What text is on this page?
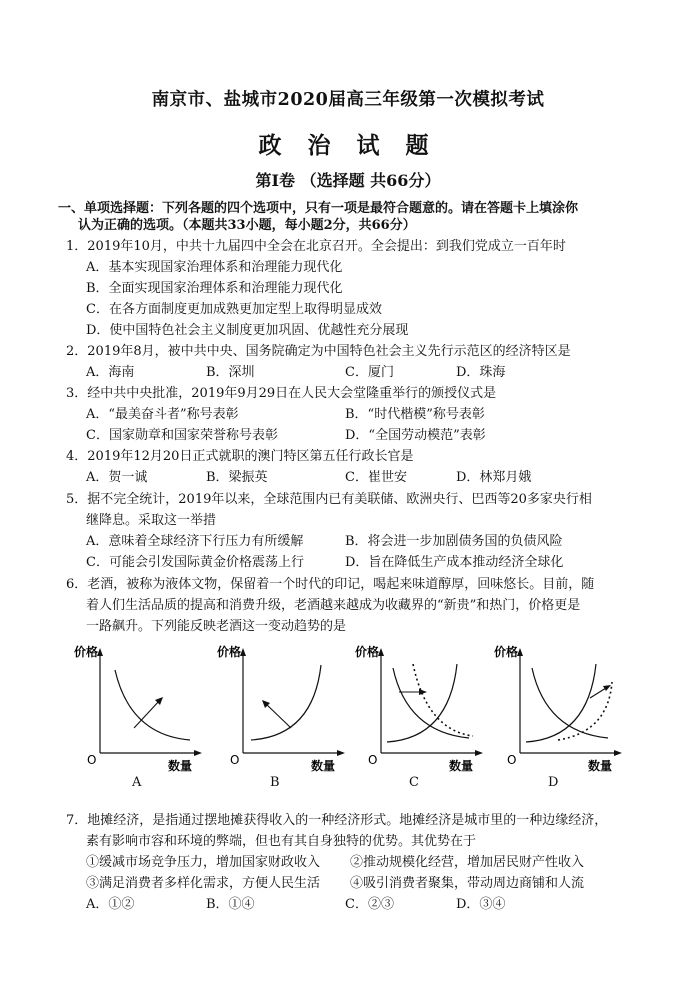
南京市、盐城市2020届高三年级第一次模拟考试
政 治 试 题
第Ⅰ卷 （选择题 共66分）
一、单项选择题：下列各题的四个选项中，只有一项是最符合题意的。请在答题卡上填涂你
认为正确的选项。（本题共33小题，每小题2分，共66分）
1．2019年10月，中共十九届四中全会在北京召开。全会提出：到我们党成立一百年时
A．基本实现国家治理体系和治理能力现代化
B．全面实现国家治理体系和治理能力现代化
C．在各方面制度更加成熟更加定型上取得明显成效
D．使中国特色社会主义制度更加巩固、优越性充分展现
2．2019年8月，被中共中央、国务院确定为中国特色社会主义先行示范区的经济特区是
A．海南	B．深圳	C．厦门	D．珠海
3．经中共中央批准，2019年9月29日在人民大会堂隆重举行的颁授仪式是
A．“最美奋斗者”称号表彰	B．“时代楷模”称号表彰
C．国家勋章和国家荣誉称号表彰	D．“全国劳动模范”表彰
4．2019年12月20日正式就职的澳门特区第五任行政长官是
A．贺一诚	B．梁振英	C．崔世安	D．林郑月娥
5．据不完全统计，2019年以来，全球范围内已有美联储、欧洲央行、巴西等20多家央行相
继降息。采取这一举措
A．意味着全球经济下行压力有所缓解	B．将会进一步加剧债务国的负债风险
C．可能会引发国际黄金价格震荡上行	D．旨在降低生产成本推动经济全球化
6．老酒，被称为液体文物，保留着一个时代的印记，喝起来味道醇厚，回味悠长。目前，随
着人们生活品质的提高和消费升级，老酒越来越成为收藏界的“新贵”和热门，价格更是
一路飙升。下列能反映老酒这一变动趋势的是
价格
O	数量
价格
O	数量
价格
O	数量
价格
O	数量
A	B	C	D
7．地摊经济，是指通过摆地摊获得收入的一种经济形式。地摊经济是城市里的一种边缘经济，
素有影响市容和环境的弊端，但也有其自身独特的优势。其优势在于
①缓减市场竞争压力，增加国家财政收入 ②推动规模化经营，增加居民财产性收入
③满足消费者多样化需求，方便人民生活 ④吸引消费者聚集，带动周边商铺和人流
A．①②	B．①④	C．②③	D．③④
